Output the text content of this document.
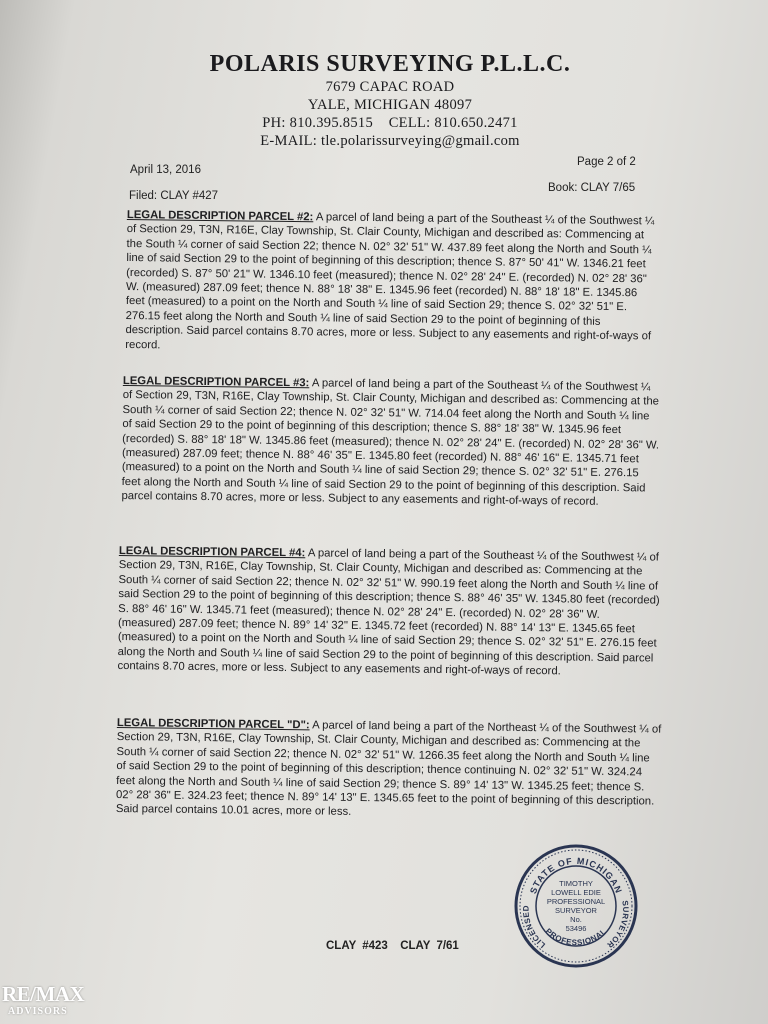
POLARIS SURVEYING P.L.L.C.
7679 CAPAC ROAD
YALE, MICHIGAN 48097
PH: 810.395.8515    CELL: 810.650.2471
E-MAIL: tle.polarissurveying@gmail.com
April 13, 2016
Page 2 of 2
Filed: CLAY #427
Book: CLAY 7/65

LEGAL DESCRIPTION PARCEL #2: A parcel of land being a part of the Southeast ¼ of the Southwest ¼ of Section 29, T3N, R16E, Clay Township, St. Clair County, Michigan and described as: Commencing at the South ¼ corner of said Section 22; thence N. 02° 32' 51" W. 437.89 feet along the North and South ¼ line of said Section 29 to the point of beginning of this description; thence S. 87° 50' 41" W. 1346.21 feet (recorded) S. 87° 50' 21" W. 1346.10 feet (measured); thence N. 02° 28' 24" E. (recorded) N. 02° 28' 36" W. (measured) 287.09 feet; thence N. 88° 18' 38" E. 1345.96 feet (recorded) N. 88° 18' 18" E. 1345.86 feet (measured) to a point on the North and South ¼ line of said Section 29; thence S. 02° 32' 51" E. 276.15 feet along the North and South ¼ line of said Section 29 to the point of beginning of this description. Said parcel contains 8.70 acres, more or less. Subject to any easements and right-of-ways of record.

LEGAL DESCRIPTION PARCEL #3: A parcel of land being a part of the Southeast ¼ of the Southwest ¼ of Section 29, T3N, R16E, Clay Township, St. Clair County, Michigan and described as: Commencing at the South ¼ corner of said Section 22; thence N. 02° 32' 51" W. 714.04 feet along the North and South ¼ line of said Section 29 to the point of beginning of this description; thence S. 88° 18' 38" W. 1345.96 feet (recorded) S. 88° 18' 18" W. 1345.86 feet (measured); thence N. 02° 28' 24" E. (recorded) N. 02° 28' 36" W. (measured) 287.09 feet; thence N. 88° 46' 35" E. 1345.80 feet (recorded) N. 88° 46' 16" E. 1345.71 feet (measured) to a point on the North and South ¼ line of said Section 29; thence S. 02° 32' 51" E. 276.15 feet along the North and South ¼ line of said Section 29 to the point of beginning of this description. Said parcel contains 8.70 acres, more or less. Subject to any easements and right-of-ways of record.

LEGAL DESCRIPTION PARCEL #4: A parcel of land being a part of the Southeast ¼ of the Southwest ¼ of Section 29, T3N, R16E, Clay Township, St. Clair County, Michigan and described as: Commencing at the South ¼ corner of said Section 22; thence N. 02° 32' 51" W. 990.19 feet along the North and South ¼ line of said Section 29 to the point of beginning of this description; thence S. 88° 46' 35" W. 1345.80 feet (recorded) S. 88° 46' 16" W. 1345.71 feet (measured); thence N. 02° 28' 24" E. (recorded) N. 02° 28' 36" W. (measured) 287.09 feet; thence N. 89° 14' 32" E. 1345.72 feet (recorded) N. 88° 14' 13" E. 1345.65 feet (measured) to a point on the North and South ¼ line of said Section 29; thence S. 02° 32' 51" E. 276.15 feet along the North and South ¼ line of said Section 29 to the point of beginning of this description. Said parcel contains 8.70 acres, more or less. Subject to any easements and right-of-ways of record.

LEGAL DESCRIPTION PARCEL "D": A parcel of land being a part of the Northeast ¼ of the Southwest ¼ of Section 29, T3N, R16E, Clay Township, St. Clair County, Michigan and described as: Commencing at the South ¼ corner of said Section 22; thence N. 02° 32' 51" W. 1266.35 feet along the North and South ¼ line of said Section 29 to the point of beginning of this description; thence continuing N. 02° 32' 51" W. 324.24 feet along the North and South ¼ line of said Section 29; thence S. 89° 14' 13" W. 1345.25 feet; thence S. 02° 28' 36" E. 324.23 feet; thence N. 89° 14' 13" E. 1345.65 feet to the point of beginning of this description. Said parcel contains 10.01 acres, more or less.

CLAY #423  CLAY 7/61
STATE OF MICHIGAN
LICENSED
PROFESSIONAL
SURVEYOR
TIMOTHY
LOWELL EDIE
PROFESSIONAL
SURVEYOR
No.
53496
RE/MAX
ADVISORS
